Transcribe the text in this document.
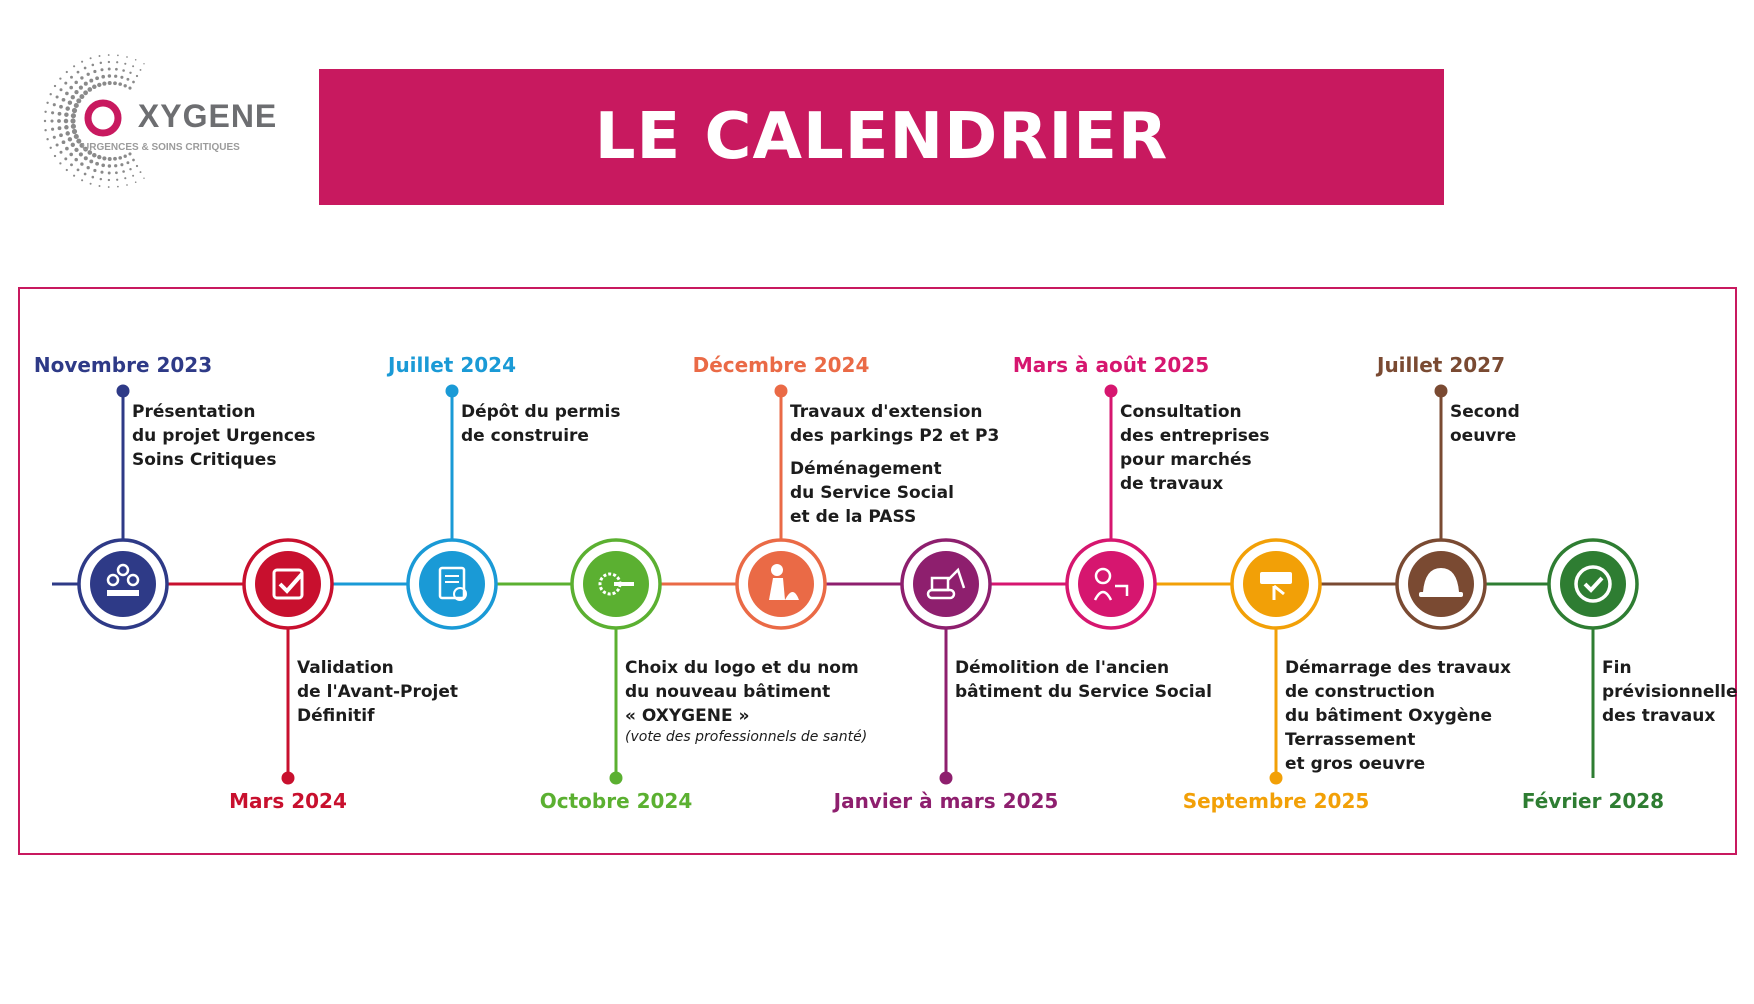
XYGENE
URGENCES & SOINS CRITIQUES	LE CALENDRIER
Novembre 2023
Présentation
du projet Urgences
Soins Critiques
Mars 2024
Validation
de l'Avant-Projet
Définitif
Juillet 2024
Dépôt du permis
de construire
Octobre 2024
Choix du logo et du nom
du nouveau bâtiment
« OXYGENE »
(vote des professionnels de santé)
Décembre 2024
Travaux d'extension
des parkings P2 et P3
Déménagement
du Service Social
et de la PASS
Janvier à mars 2025
Démolition de l'ancien
bâtiment du Service Social
Mars à août 2025
Consultation
des entreprises
pour marchés
de travaux
Septembre 2025
Démarrage des travaux
de construction
du bâtiment Oxygène
Terrassement
et gros oeuvre
Juillet 2027
Second
oeuvre
Février 2028
Fin
prévisionnelle
des travaux
